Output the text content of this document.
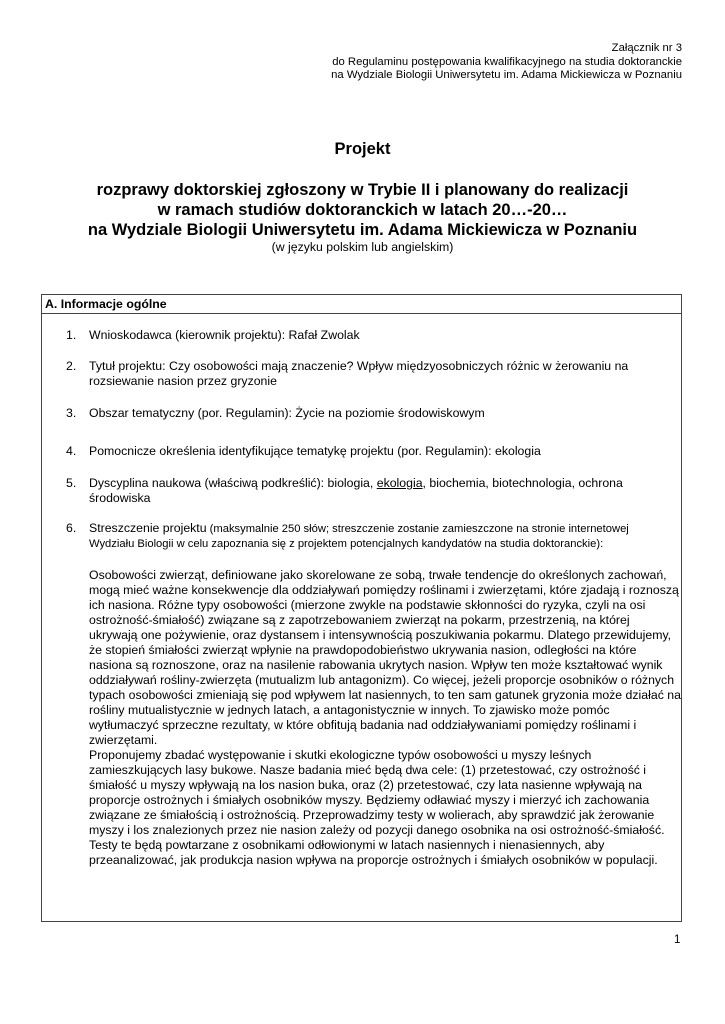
Załącznik nr 3
do Regulaminu postępowania kwalifikacyjnego na studia doktoranckie
na Wydziale Biologii Uniwersytetu im. Adama Mickiewicza w Poznaniu
Projekt
rozprawy doktorskiej zgłoszony w Trybie II i planowany do realizacji
w ramach studiów doktoranckich w latach 20…-20…
na Wydziale Biologii Uniwersytetu im. Adama Mickiewicza w Poznaniu
(w języku polskim lub angielskim)
A. Informacje ogólne
1. Wnioskodawca (kierownik projektu): Rafał Zwolak
2. Tytuł projektu: Czy osobowości mają znaczenie? Wpływ międzyosobniczych różnic w żerowaniu na
rozsiewanie nasion przez gryzonie
3. Obszar tematyczny (por. Regulamin): Życie na poziomie środowiskowym
4. Pomocnicze określenia identyfikujące tematykę projektu (por. Regulamin): ekologia
5. Dyscyplina naukowa (właściwą podkreślić): biologia, ekologia, biochemia, biotechnologia, ochrona
środowiska
6. Streszczenie projektu (maksymalnie 250 słów; streszczenie zostanie zamieszczone na stronie internetowej
Wydziału Biologii w celu zapoznania się z projektem potencjalnych kandydatów na studia doktoranckie):

Osobowości zwierząt, definiowane jako skorelowane ze sobą, trwałe tendencje do określonych zachowań, mogą mieć ważne konsekwencje dla oddziaływań pomiędzy roślinami i zwierzętami, które zjadają i roznoszą ich nasiona. Różne typy osobowości (mierzone zwykle na podstawie skłonności do ryzyka, czyli na osi ostrożność-śmiałość) związane są z zapotrzebowaniem zwierząt na pokarm, przestrzenią, na której ukrywają one pożywienie, oraz dystansem i intensywnością poszukiwania pokarmu. Dlatego przewidujemy, że stopień śmiałości zwierząt wpłynie na prawdopodobieństwo ukrywania nasion, odległości na które nasiona są roznoszone, oraz na nasilenie rabowania ukrytych nasion. Wpływ ten może kształtować wynik oddziaływań rośliny-zwierzęta (mutualizm lub antagonizm). Co więcej, jeżeli proporcje osobników o różnych typach osobowości zmieniają się pod wpływem lat nasiennych, to ten sam gatunek gryzonia może działać na rośliny mutualistycznie w jednych latach, a antagonistycznie w innych. To zjawisko może pomóc wytłumaczyć sprzeczne rezultaty, w które obfitują badania nad oddziaływaniami pomiędzy roślinami i zwierzętami.

Proponujemy zbadać występowanie i skutki ekologiczne typów osobowości u myszy leśnych zamieszkujących lasy bukowe. Nasze badania mieć będą dwa cele: (1) przetestować, czy ostrożność i śmiałość u myszy wpływają na los nasion buka, oraz (2) przetestować, czy lata nasienne wpływają na proporcje ostrożnych i śmiałych osobników myszy. Będziemy odławiać myszy i mierzyć ich zachowania związane ze śmiałością i ostrożnością. Przeprowadzimy testy w wolierach, aby sprawdzić jak żerowanie myszy i los znalezionych przez nie nasion zależy od pozycji danego osobnika na osi ostrożność-śmiałość. Testy te będą powtarzane z osobnikami odłowionymi w latach nasiennych i nienasiennych, aby przeanalizować, jak produkcja nasion wpływa na proporcje ostrożnych i śmiałych osobników w populacji.

1
